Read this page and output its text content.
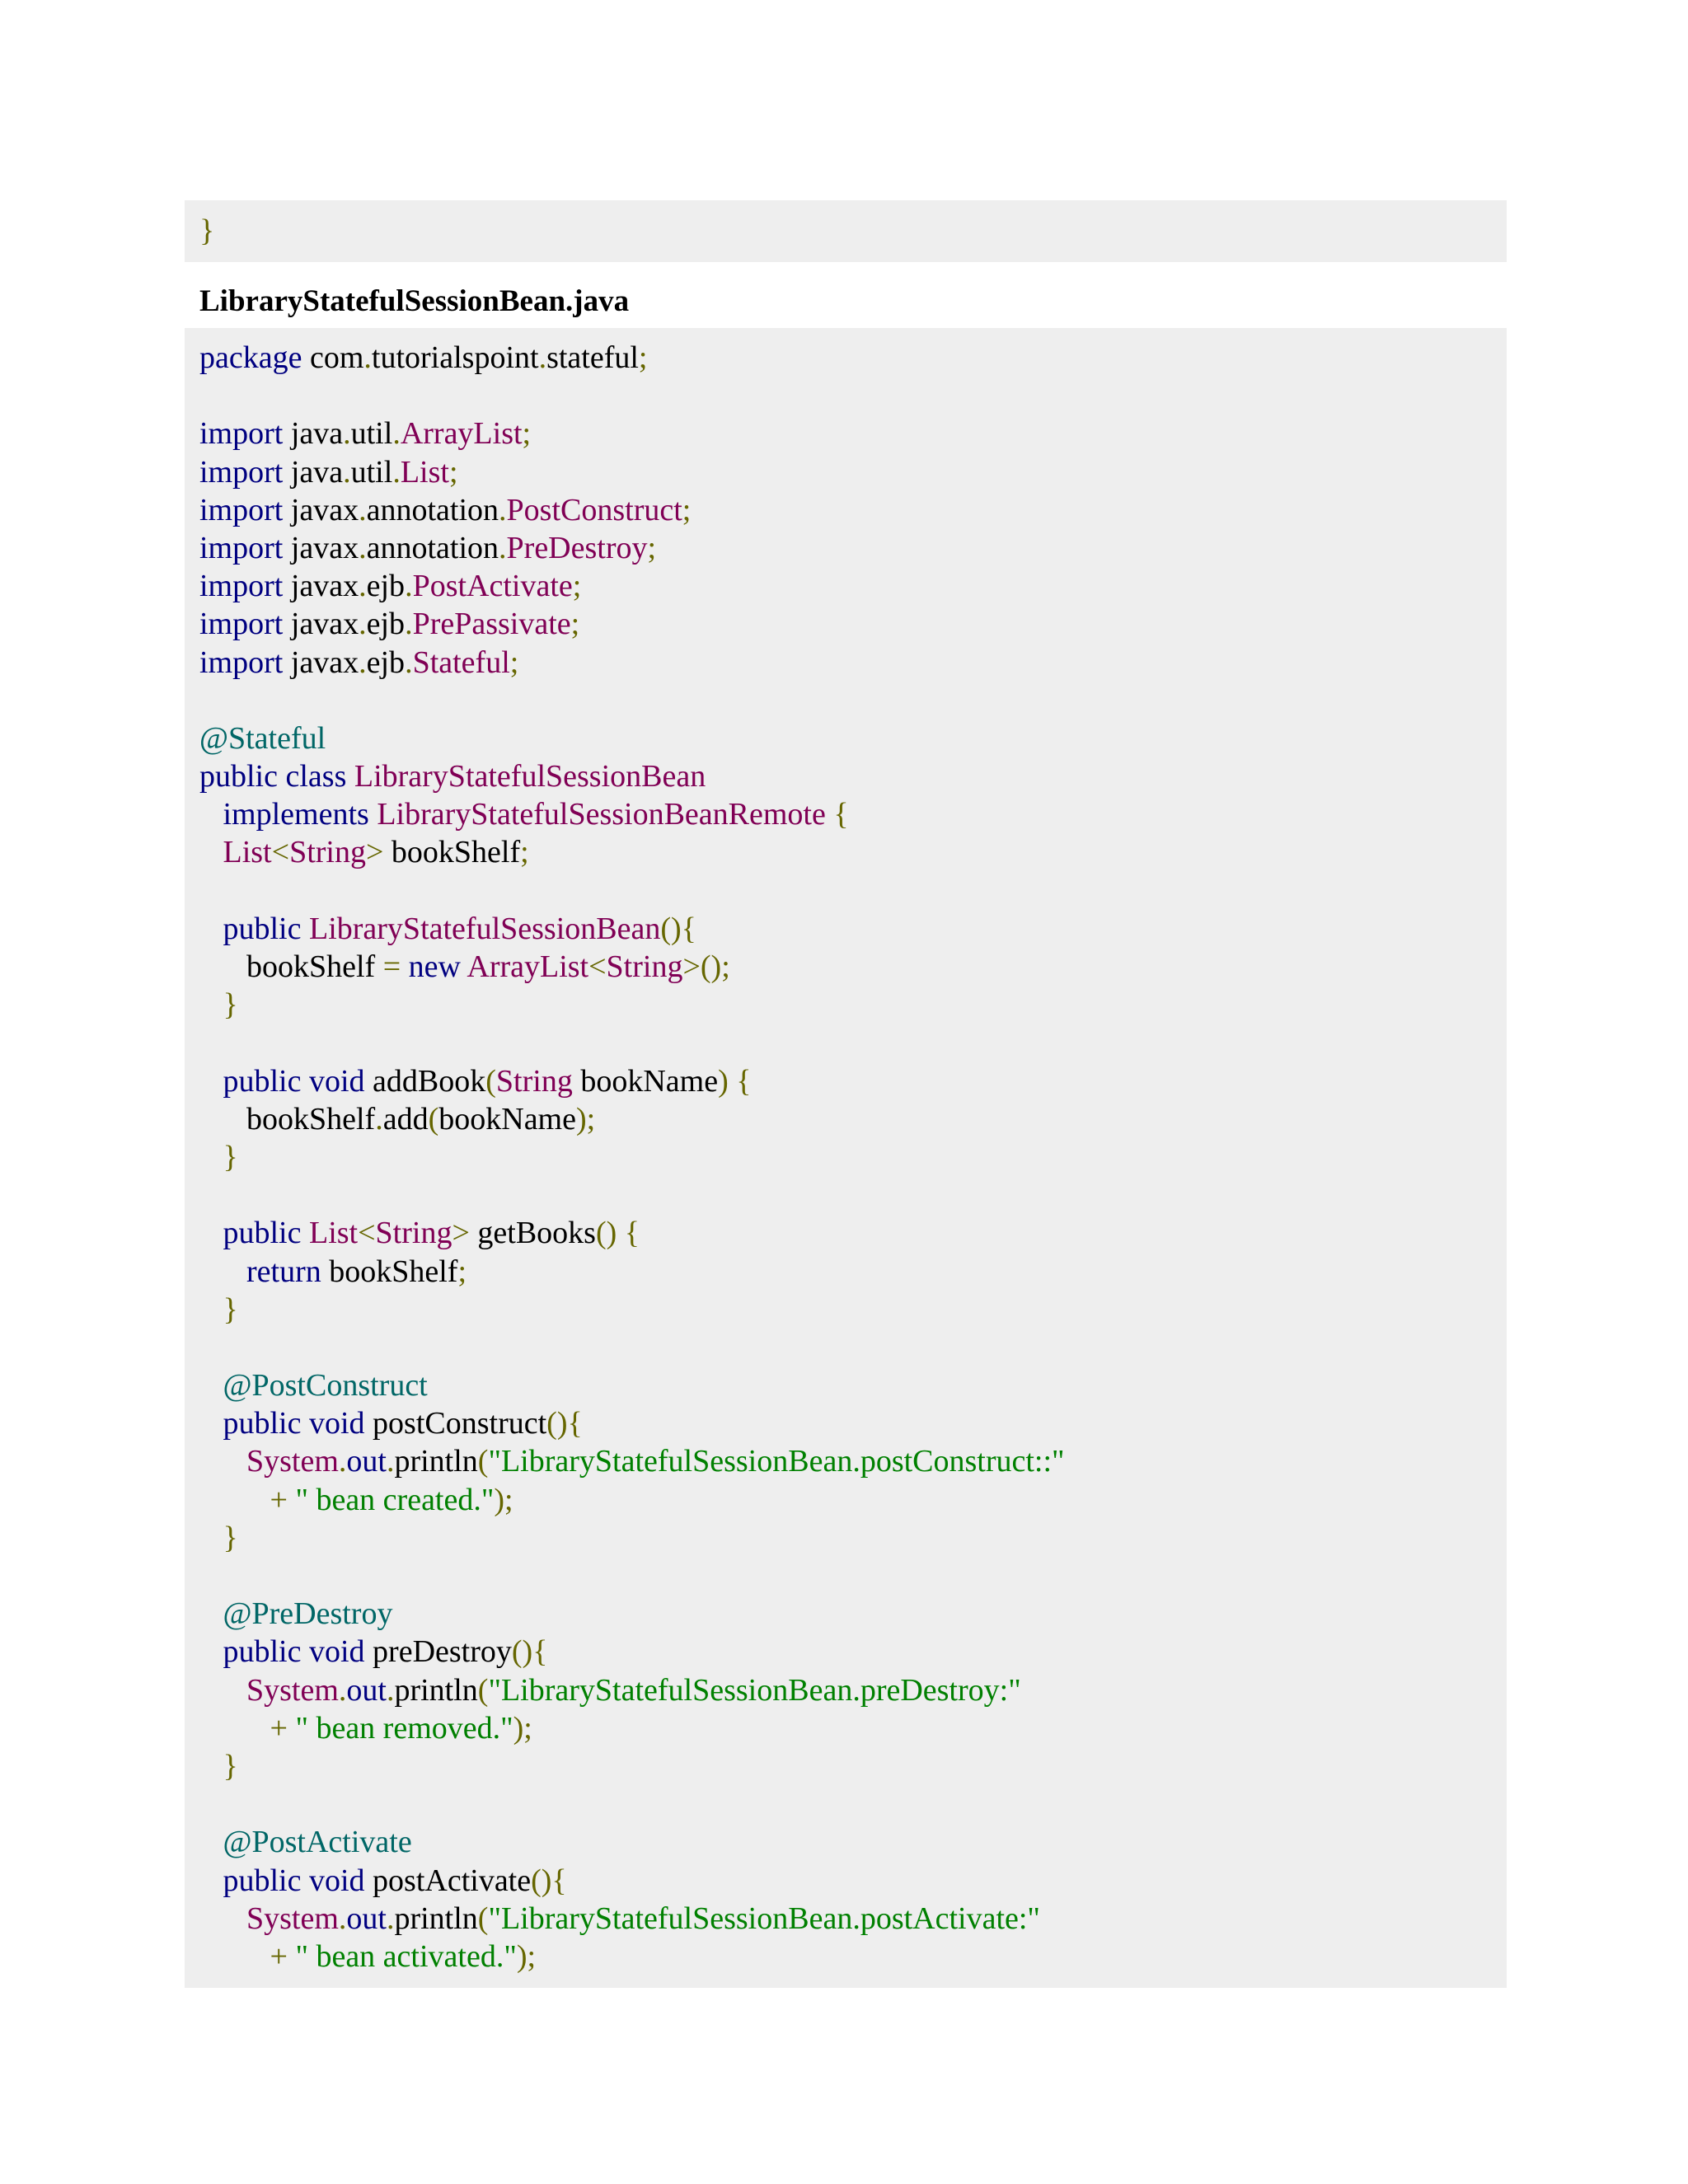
}
LibraryStatefulSessionBean.java
package com.tutorialspoint.stateful;

import java.util.ArrayList;
import java.util.List;
import javax.annotation.PostConstruct;
import javax.annotation.PreDestroy;
import javax.ejb.PostActivate;
import javax.ejb.PrePassivate;
import javax.ejb.Stateful;

@Stateful
public class LibraryStatefulSessionBean
implements LibraryStatefulSessionBeanRemote {
List<String> bookShelf;

public LibraryStatefulSessionBean(){
bookShelf = new ArrayList<String>();
}

public void addBook(String bookName) {
bookShelf.add(bookName);
}

public List<String> getBooks() {
return bookShelf;
}

@PostConstruct
public void postConstruct(){
System.out.println("LibraryStatefulSessionBean.postConstruct::"
+ " bean created.");
}

@PreDestroy
public void preDestroy(){
System.out.println("LibraryStatefulSessionBean.preDestroy:"
+ " bean removed.");
}

@PostActivate
public void postActivate(){
System.out.println("LibraryStatefulSessionBean.postActivate:"
+ " bean activated.");
